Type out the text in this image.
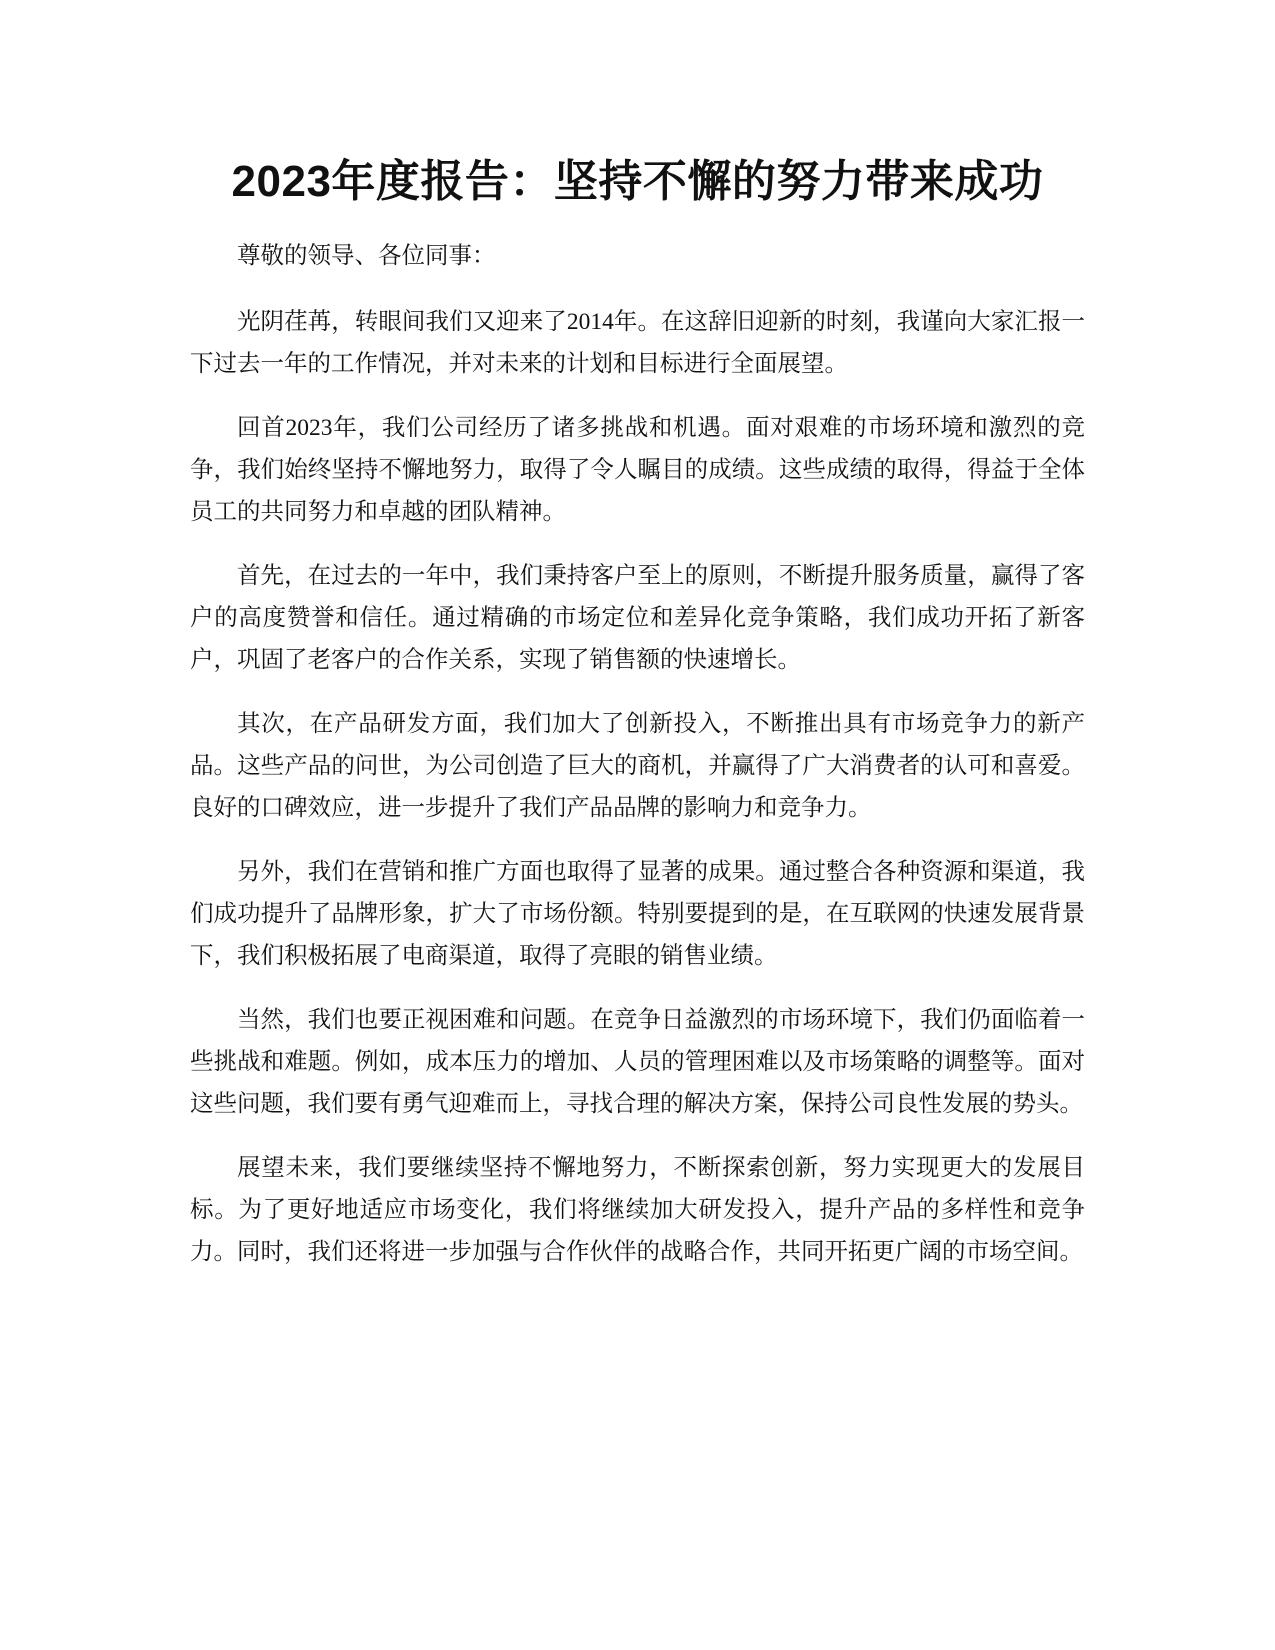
2023年度报告：坚持不懈的努力带来成功

尊敬的领导、各位同事：

光阴荏苒，转眼间我们又迎来了2014年。在这辞旧迎新的时刻，我谨向大家汇报一下过去一年的工作情况，并对未来的计划和目标进行全面展望。

回首2023年，我们公司经历了诸多挑战和机遇。面对艰难的市场环境和激烈的竞争，我们始终坚持不懈地努力，取得了令人瞩目的成绩。这些成绩的取得，得益于全体员工的共同努力和卓越的团队精神。

首先，在过去的一年中，我们秉持客户至上的原则，不断提升服务质量，赢得了客户的高度赞誉和信任。通过精确的市场定位和差异化竞争策略，我们成功开拓了新客户，巩固了老客户的合作关系，实现了销售额的快速增长。

其次，在产品研发方面，我们加大了创新投入，不断推出具有市场竞争力的新产品。这些产品的问世，为公司创造了巨大的商机，并赢得了广大消费者的认可和喜爱。良好的口碑效应，进一步提升了我们产品品牌的影响力和竞争力。

另外，我们在营销和推广方面也取得了显著的成果。通过整合各种资源和渠道，我们成功提升了品牌形象，扩大了市场份额。特别要提到的是，在互联网的快速发展背景下，我们积极拓展了电商渠道，取得了亮眼的销售业绩。

当然，我们也要正视困难和问题。在竞争日益激烈的市场环境下，我们仍面临着一些挑战和难题。例如，成本压力的增加、人员的管理困难以及市场策略的调整等。面对这些问题，我们要有勇气迎难而上，寻找合理的解决方案，保持公司良性发展的势头。

展望未来，我们要继续坚持不懈地努力，不断探索创新，努力实现更大的发展目标。为了更好地适应市场变化，我们将继续加大研发投入，提升产品的多样性和竞争力。同时，我们还将进一步加强与合作伙伴的战略合作，共同开拓更广阔的市场空间。
